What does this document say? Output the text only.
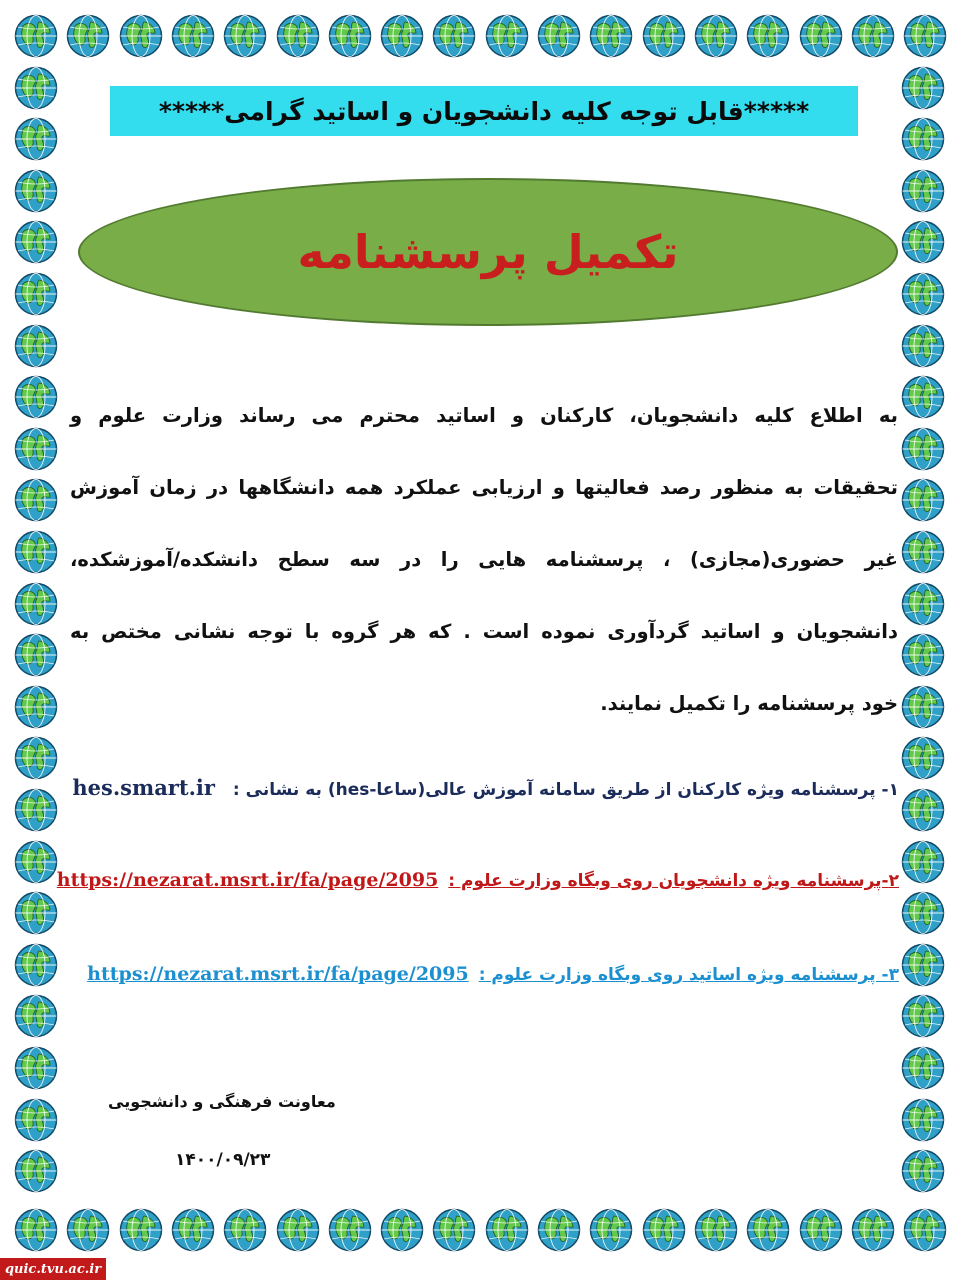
*****قابل توجه کلیه دانشجویان و اساتید گرامی*****
تکمیل پرسشنامه
به اطلاع کلیه دانشجویان، کارکنان و اساتید محترم می رساند وزارت علوم و
تحقیقات به منظور رصد فعالیتها و ارزیابی عملکرد همه دانشگاهها در زمان آموزش
غیر حضوری(مجازی) ، پرسشنامه هایی را در سه سطح دانشکده/آموزشکده،
دانشجویان و اساتید گردآوری نموده است . که هر گروه با توجه نشانی مختص به
خود پرسشنامه را تکمیل نمایند.
۱- پرسشنامه ویژه کارکنان از طریق سامانه آموزش عالی(ساعا-hes) به نشانی :hes.smart.ir
۲-پرسشنامه ویژه دانشجویان روی وبگاه وزارت علوم :https://nezarat.msrt.ir/fa/page/2095
۳- پرسشنامه ویژه اساتید روی وبگاه وزارت علوم :https://nezarat.msrt.ir/fa/page/2095
معاونت فرهنگی و دانشجویی
۱۴۰۰/۰۹/۲۳
quic.tvu.ac.ir
